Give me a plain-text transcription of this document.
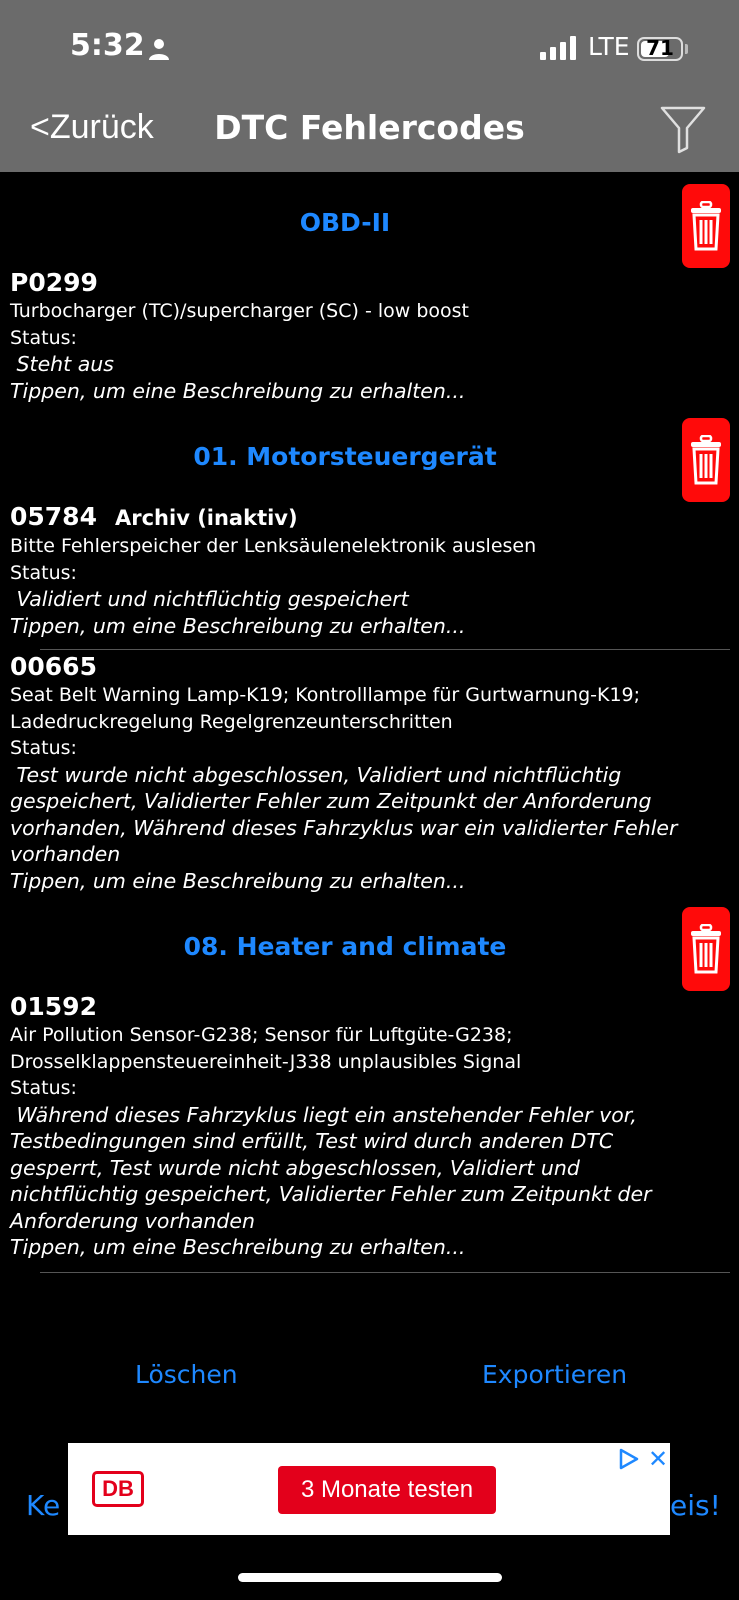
5:32	LTE 71
<Zurück	DTC Fehlercodes
OBD-II
P0299
Turbocharger (TC)/supercharger (SC) - low boost
Status:
Steht aus
Tippen, um eine Beschreibung zu erhalten...
01. Motorsteuergerät
05784 Archiv (inaktiv)
Bitte Fehlerspeicher der Lenksäulenelektronik auslesen
Status:
Validiert und nichtflüchtig gespeichert
Tippen, um eine Beschreibung zu erhalten...
00665
Seat Belt Warning Lamp-K19; Kontrolllampe für Gurtwarnung-K19;
Ladedruckregelung Regelgrenzeunterschritten
Status:
Test wurde nicht abgeschlossen, Validiert und nichtflüchtig
gespeichert, Validierter Fehler zum Zeitpunkt der Anforderung
vorhanden, Während dieses Fahrzyklus war ein validierter Fehler
vorhanden
Tippen, um eine Beschreibung zu erhalten...
08. Heater and climate
01592
Air Pollution Sensor-G238; Sensor für Luftgüte-G238;
Drosselklappensteuereinheit-J338 unplausibles Signal
Status:
Während dieses Fahrzyklus liegt ein anstehender Fehler vor,
Testbedingungen sind erfüllt, Test wird durch anderen DTC
gesperrt, Test wurde nicht abgeschlossen, Validiert und
nichtflüchtig gespeichert, Validierter Fehler zum Zeitpunkt der
Anforderung vorhanden
Tippen, um eine Beschreibung zu erhalten...
Löschen	Exportieren
Ke	eis!
DB	3 Monate testen
✕
